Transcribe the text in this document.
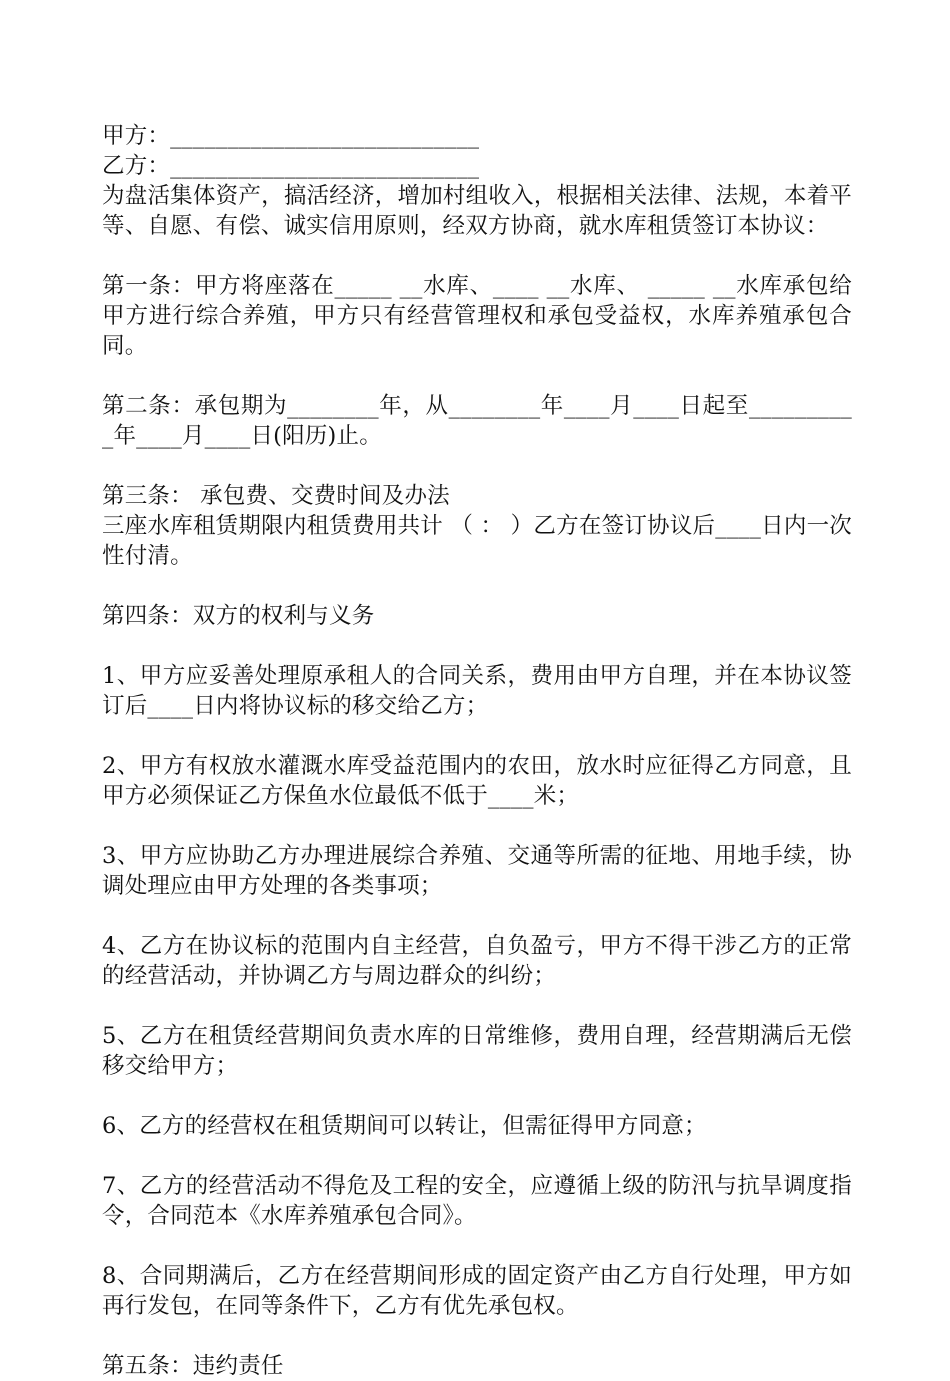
甲方：___________________________
乙方：___________________________
为盘活集体资产，搞活经济，增加村组收入，根据相关法律、法规，本着平等、自愿、有偿、诚实信用原则，经双方协商，就水库租赁签订本协议：
第一条：甲方将座落在_____ __水库、____ __水库、 _____ __水库承包给甲方进行综合养殖，甲方只有经营管理权和承包受益权，水库养殖承包合同。
第二条：承包期为________年，从________年____月____日起至__________年____月____日(阳历)止。
第三条： 承包费、交费时间及办法
三座水库租赁期限内租赁费用共计 （ ： ）乙方在签订协议后____日内一次性付清。
第四条：双方的权利与义务
1、甲方应妥善处理原承租人的合同关系，费用由甲方自理，并在本协议签订后____日内将协议标的移交给乙方；
2、甲方有权放水灌溉水库受益范围内的农田，放水时应征得乙方同意，且甲方必须保证乙方保鱼水位最低不低于____米；
3、甲方应协助乙方办理进展综合养殖、交通等所需的征地、用地手续，协调处理应由甲方处理的各类事项；
4、乙方在协议标的范围内自主经营，自负盈亏，甲方不得干涉乙方的正常的经营活动，并协调乙方与周边群众的纠纷；
5、乙方在租赁经营期间负责水库的日常维修，费用自理，经营期满后无偿移交给甲方；
6、乙方的经营权在租赁期间可以转让，但需征得甲方同意；
7、乙方的经营活动不得危及工程的安全，应遵循上级的防汛与抗旱调度指令，合同范本《水库养殖承包合同》。
8、合同期满后，乙方在经营期间形成的固定资产由乙方自行处理，甲方如再行发包，在同等条件下，乙方有优先承包权。
第五条：违约责任
